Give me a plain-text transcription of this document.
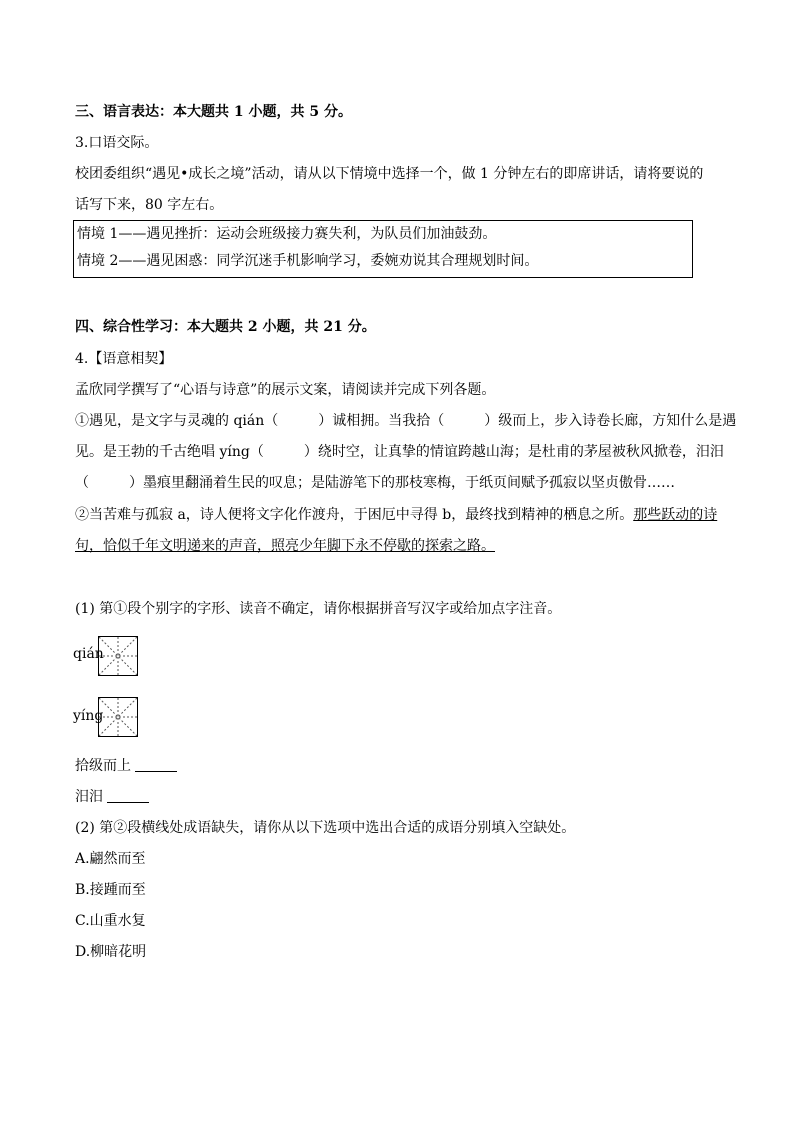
三、语言表达：本大题共 1 小题，共 5 分。
3.口语交际。
校团委组织“遇见•成长之境”活动，请从以下情境中选择一个，做 1 分钟左右的即席讲话，请将要说的
话写下来，80 字左右。
情境 1——遇见挫折：运动会班级接力赛失利，为队员们加油鼓劲。
情境 2——遇见困惑：同学沉迷手机影响学习，委婉劝说其合理规划时间。
四、综合性学习：本大题共 2 小题，共 21 分。
4.【语意相契】
孟欣同学撰写了“心语与诗意”的展示文案，请阅读并完成下列各题。
①遇见，是文字与灵魂的 qián（	）诚相拥。当我拾（	）级而上，步入诗卷长廊，方知什么是遇
见。是王勃的千古绝唱 yíng（	）绕时空，让真挚的情谊跨越山海；是杜甫的茅屋被秋风掀卷，汨汨
（	）墨痕里翻涌着生民的叹息；是陆游笔下的那枝寒梅，于纸页间赋予孤寂以坚贞傲骨……
②当苦难与孤寂 a，诗人便将文字化作渡舟，于困厄中寻得 b，最终找到精神的栖息之所。那些跃动的诗
句，恰似千年文明递来的声音，照亮少年脚下永不停歇的探索之路。
(1) 第①段个别字的字形、读音不确定，请你根据拼音写汉字或给加点字注音。
qián
yíng
拾级而上
汨汨
(2) 第②段横线处成语缺失，请你从以下选项中选出合适的成语分别填入空缺处。
A.翩然而至
B.接踵而至
C.山重水复
D.柳暗花明
